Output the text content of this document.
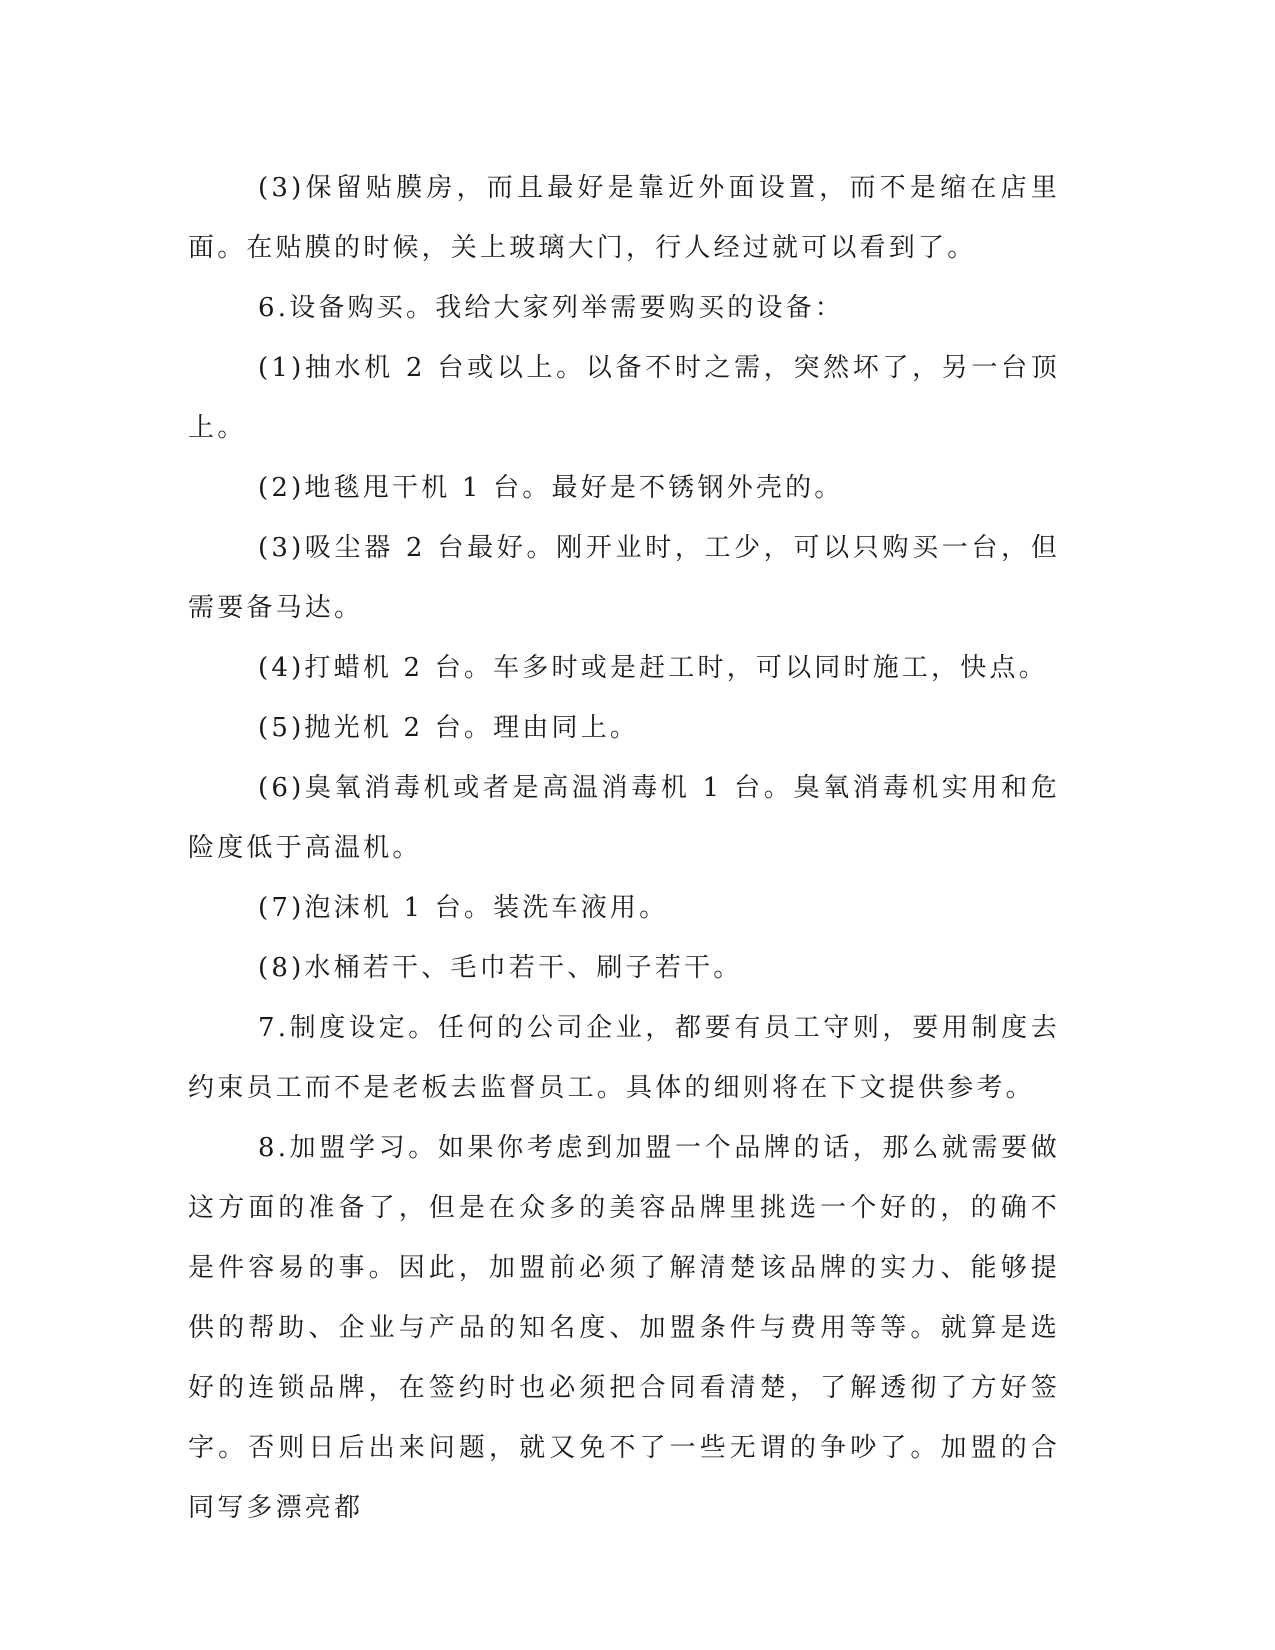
(3)保留贴膜房，而且最好是靠近外面设置，而不是缩在店里面。在贴膜的时候，关上玻璃大门，行人经过就可以看到了。

6.设备购买。我给大家列举需要购买的设备：

(1)抽水机 2 台或以上。以备不时之需，突然坏了，另一台顶上。

(2)地毯甩干机 1 台。最好是不锈钢外壳的。

(3)吸尘器 2 台最好。刚开业时，工少，可以只购买一台，但需要备马达。

(4)打蜡机 2 台。车多时或是赶工时，可以同时施工，快点。

(5)抛光机 2 台。理由同上。

(6)臭氧消毒机或者是高温消毒机 1 台。臭氧消毒机实用和危险度低于高温机。

(7)泡沫机 1 台。装洗车液用。

(8)水桶若干、毛巾若干、刷子若干。

7.制度设定。任何的公司企业，都要有员工守则，要用制度去约束员工而不是老板去监督员工。具体的细则将在下文提供参考。

8.加盟学习。如果你考虑到加盟一个品牌的话，那么就需要做这方面的准备了，但是在众多的美容品牌里挑选一个好的，的确不是件容易的事。因此，加盟前必须了解清楚该品牌的实力、能够提供的帮助、企业与产品的知名度、加盟条件与费用等等。就算是选好的连锁品牌，在签约时也必须把合同看清楚，了解透彻了方好签字。否则日后出来问题，就又免不了一些无谓的争吵了。加盟的合同写多漂亮都
